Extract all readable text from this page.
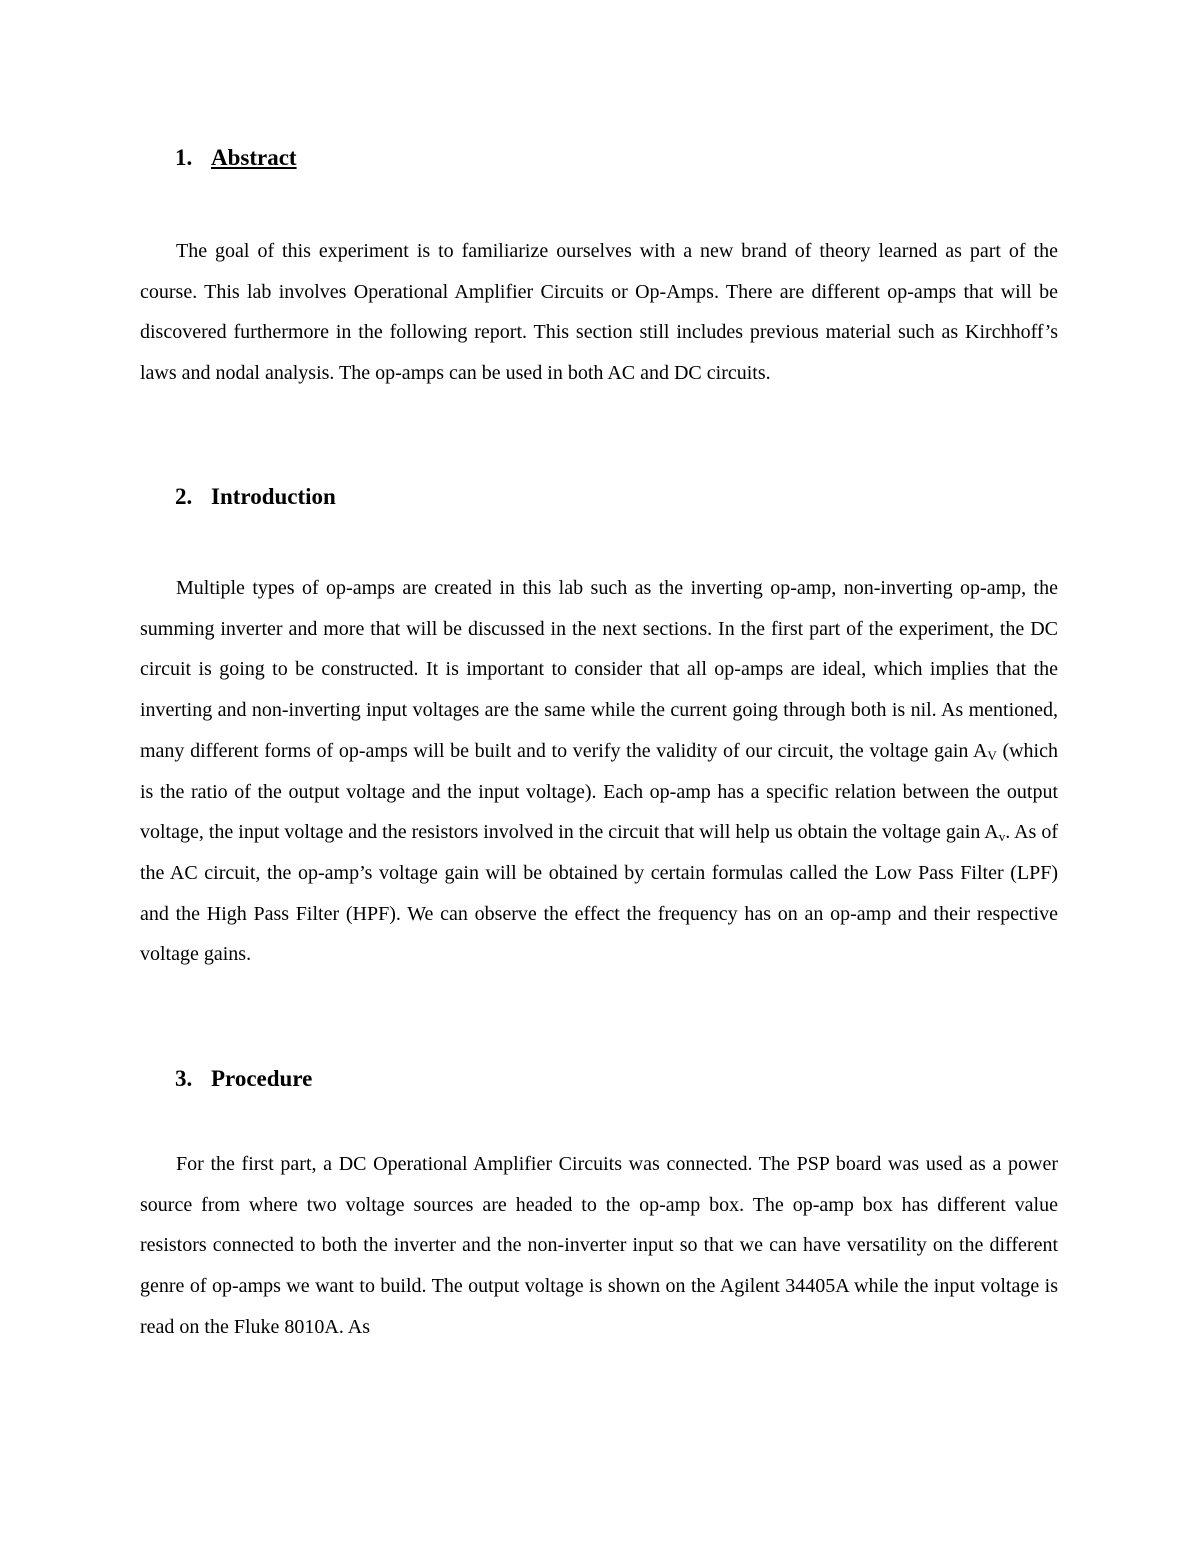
1. Abstract

The goal of this experiment is to familiarize ourselves with a new brand of theory learned as part of the course. This lab involves Operational Amplifier Circuits or Op-Amps. There are different op-amps that will be discovered furthermore in the following report. This section still includes previous material such as Kirchhoff’s laws and nodal analysis. The op-amps can be used in both AC and DC circuits.

2. Introduction

Multiple types of op-amps are created in this lab such as the inverting op-amp, non-inverting op-amp, the summing inverter and more that will be discussed in the next sections. In the first part of the experiment, the DC circuit is going to be constructed. It is important to consider that all op-amps are ideal, which implies that the inverting and non-inverting input voltages are the same while the current going through both is nil. As mentioned, many different forms of op-amps will be built and to verify the validity of our circuit, the voltage gain $A_V$ (which is the ratio of the output voltage and the input voltage). Each op-amp has a specific relation between the output voltage, the input voltage and the resistors involved in the circuit that will help us obtain the voltage gain $A_v$. As of the AC circuit, the op-amp’s voltage gain will be obtained by certain formulas called the Low Pass Filter (LPF) and the High Pass Filter (HPF). We can observe the effect the frequency has on an op-amp and their respective voltage gains.

3. Procedure

For the first part, a DC Operational Amplifier Circuits was connected. The PSP board was used as a power source from where two voltage sources are headed to the op-amp box. The op-amp box has different value resistors connected to both the inverter and the non-inverter input so that we can have versatility on the different genre of op-amps we want to build. The output voltage is shown on the Agilent 34405A while the input voltage is read on the Fluke 8010A. As
